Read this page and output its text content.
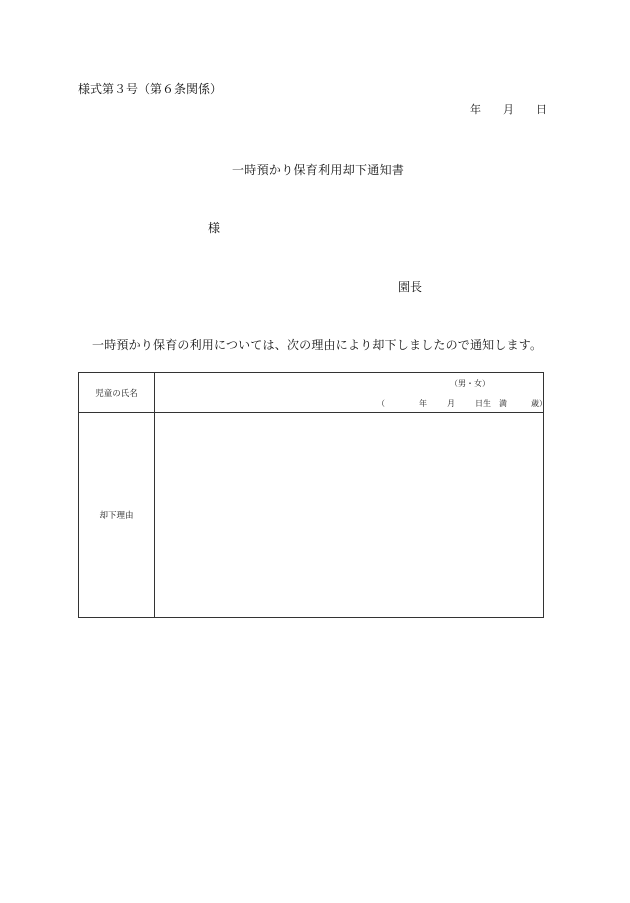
様式第３号（第６条関係）
年 月 日
一時預かり保育利用却下通知書
様
園長
一時預かり保育の利用については、次の理由により却下しましたので通知します。
児童の氏名
（男・女）
（	年	月	日生 満	歳）
却下理由
